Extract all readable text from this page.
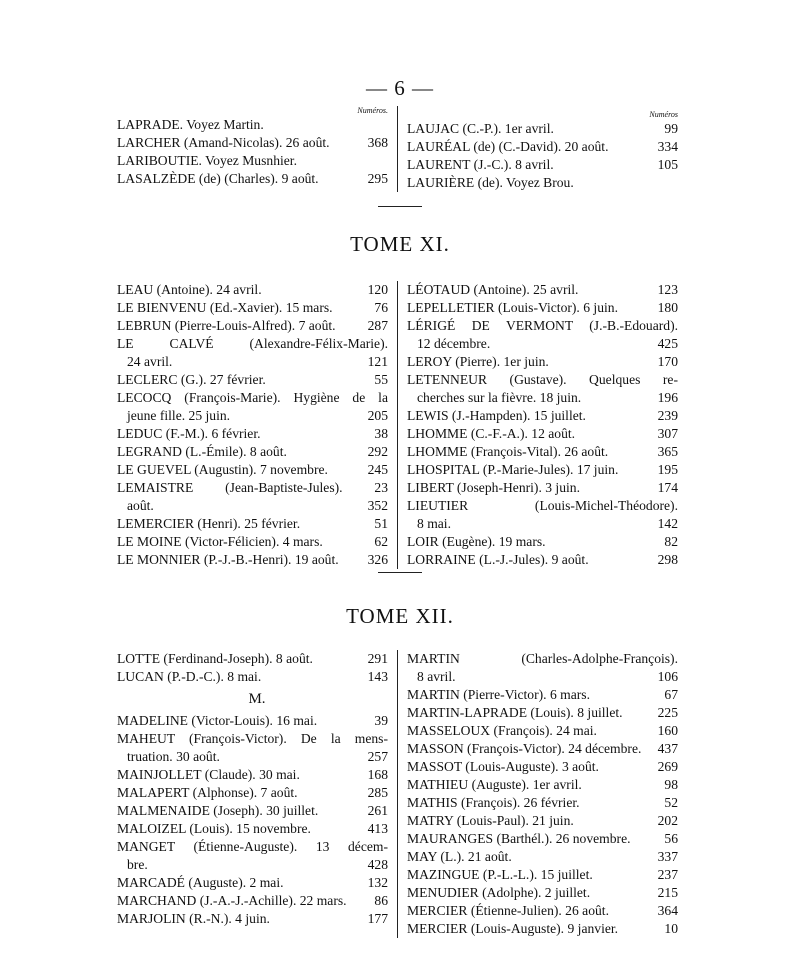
— 6 —
Numéros.
LAPRADE. Voyez Martin.
LARCHER (Amand-Nicolas). 26 août.	368
LARIBOUTIE. Voyez Musnhier.
LASALZÈDE (de) (Charles). 9 août.	295
Numéros
LAUJAC (C.-P.). 1er avril.	99
LAURÉAL (de) (C.-David). 20 août.	334
LAURENT (J.-C.). 8 avril.	105
LAURIÈRE (de). Voyez Brou.
TOME XI.
LEAU (Antoine). 24 avril.	120
LE BIENVENU (Ed.-Xavier). 15 mars.	76
LEBRUN (Pierre-Louis-Alfred). 7 août. 287
LE CALVÉ (Alexandre-Félix-Marie).
24 avril.	121
LECLERC (G.). 27 février.	55
LECOCQ (François-Marie). Hygiène de la
jeune fille. 25 juin.	205
LEDUC (F.-M.). 6 février.	38
LEGRAND (L.-Émile). 8 août.	292
LE GUEVEL (Augustin). 7 novembre.	245
LEMAISTRE (Jean-Baptiste-Jules). 23
août.	352
LEMERCIER (Henri). 25 février.	51
LE MOINE (Victor-Félicien). 4 mars.	62
LE MONNIER (P.-J.-B.-Henri). 19 août. 326
LÉOTAUD (Antoine). 25 avril.	123
LEPELLETIER (Louis-Victor). 6 juin.	180
LÉRIGÉ DE VERMONT (J.-B.-Edouard).
12 décembre.	425
LEROY (Pierre). 1er juin.	170
LETENNEUR (Gustave). Quelques re-
cherches sur la fièvre. 18 juin.	196
LEWIS (J.-Hampden). 15 juillet.	239
LHOMME (C.-F.-A.). 12 août.	307
LHOMME (François-Vital). 26 août.	365
LHOSPITAL (P.-Marie-Jules). 17 juin.	195
LIBERT (Joseph-Henri). 3 juin.	174
LIEUTIER (Louis-Michel-Théodore).
8 mai.	142
LOIR (Eugène). 19 mars.	82
LORRAINE (L.-J.-Jules). 9 août.	298
TOME XII.
LOTTE (Ferdinand-Joseph). 8 août.	291
LUCAN (P.-D.-C.). 8 mai.	143
M.
MADELINE (Victor-Louis). 16 mai.	39
MAHEUT (François-Victor). De la mens-
truation. 30 août.	257
MAINJOLLET (Claude). 30 mai.	168
MALAPERT (Alphonse). 7 août.	285
MALMENAIDE (Joseph). 30 juillet.	261
MALOIZEL (Louis). 15 novembre.	413
MANGET (Étienne-Auguste). 13 décem-
bre.	428
MARCADÉ (Auguste). 2 mai.	132
MARCHAND (J.-A.-J.-Achille). 22 mars. 86
MARJOLIN (R.-N.). 4 juin.	177
MARTIN (Charles-Adolphe-François).
8 avril.	106
MARTIN (Pierre-Victor). 6 mars.	67
MARTIN-LAPRADE (Louis). 8 juillet.	225
MASSELOUX (François). 24 mai.	160
MASSON (François-Victor). 24 décembre. 437
MASSOT (Louis-Auguste). 3 août.	269
MATHIEU (Auguste). 1er avril.	98
MATHIS (François). 26 février.	52
MATRY (Louis-Paul). 21 juin.	202
MAURANGES (Barthél.). 26 novembre. 56
MAY (L.). 21 août.	337
MAZINGUE (P.-L.-L.). 15 juillet.	237
MENUDIER (Adolphe). 2 juillet.	215
MERCIER (Étienne-Julien). 26 août.	364
MERCIER (Louis-Auguste). 9 janvier.	10
